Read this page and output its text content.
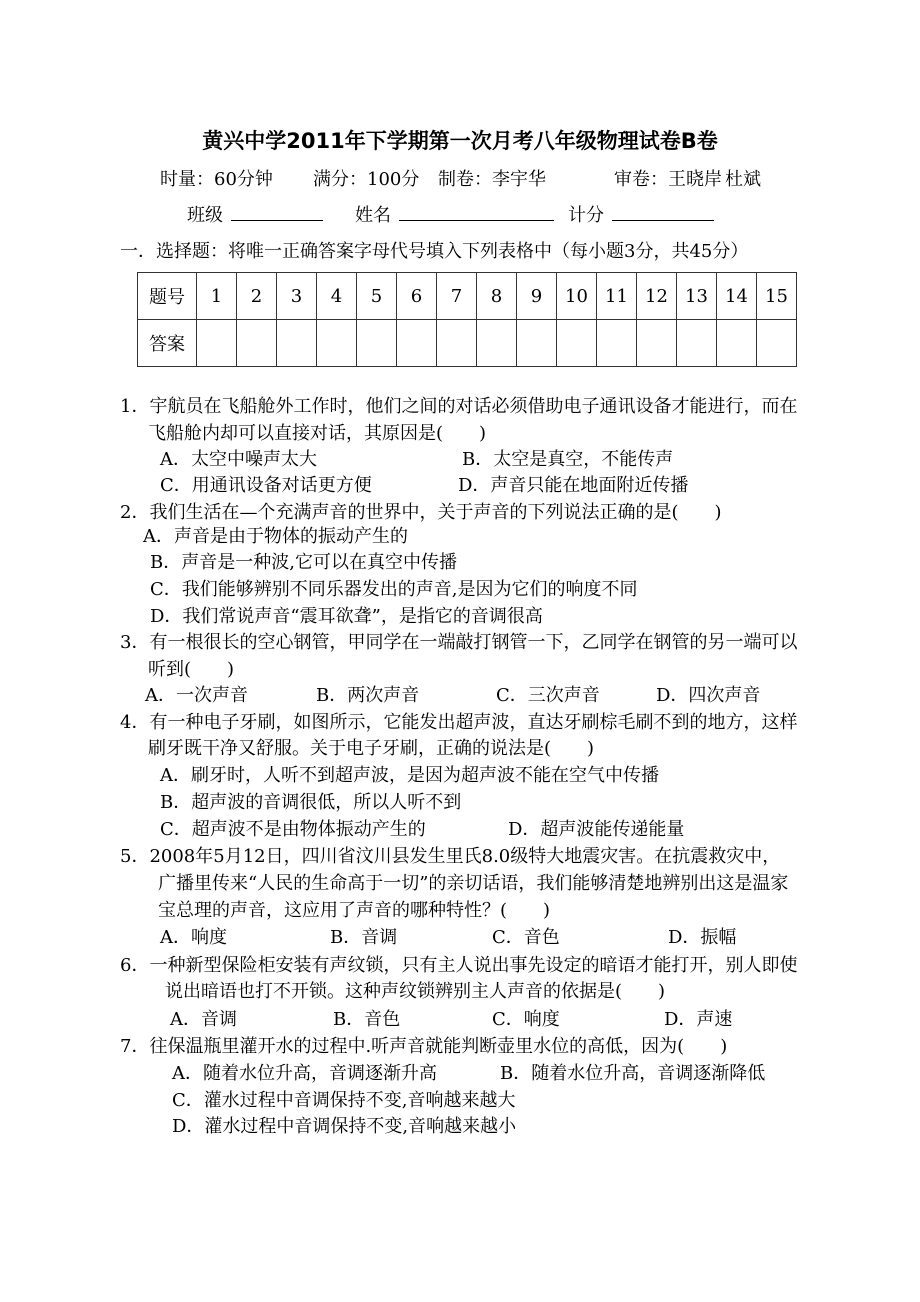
黄兴中学2011年下学期第一次月考八年级物理试卷B卷
时量：60分钟 满分：100分 制卷：李宇华	审卷：王晓岸 杜斌
班级	姓名	计分
一．选择题：将唯一正确答案字母代号填入下列表格中（每小题3分，共45分）
题号	1	2	3	4	5	6	7	8	9	10	11	12	13	14	15
答案															
1．宇航员在飞船舱外工作时，他们之间的对话必须借助电子通讯设备才能进行，而在
飞船舱内却可以直接对话，其原因是(　　)
A．太空中噪声太大	B．太空是真空，不能传声
C．用通讯设备对话更方便	D．声音只能在地面附近传播
2．我们生活在—个充满声音的世界中，关于声音的下列说法正确的是(　　)
A．声音是由于物体的振动产生的
B．声音是一种波,它可以在真空中传播
C．我们能够辨别不同乐器发出的声音,是因为它们的响度不同
D．我们常说声音“震耳欲聋”，是指它的音调很高
3．有一根很长的空心钢管，甲同学在一端敲打钢管一下，乙同学在钢管的另一端可以
听到(　　)
A．一次声音	B．两次声音	C．三次声音	D．四次声音
4．有一种电子牙刷，如图所示，它能发出超声波，直达牙刷棕毛刷不到的地方，这样
刷牙既干净又舒服。关于电子牙刷，正确的说法是(　　)
A．刷牙时，人听不到超声波，是因为超声波不能在空气中传播
B．超声波的音调很低，所以人听不到
C．超声波不是由物体振动产生的	D．超声波能传递能量
5．2008年5月12日，四川省汶川县发生里氏8.0级特大地震灾害。在抗震救灾中，
广播里传来“人民的生命高于一切”的亲切话语，我们能够清楚地辨别出这是温家
宝总理的声音，这应用了声音的哪种特性？(　　)
A．响度	B．音调	C．音色	D．振幅
6．一种新型保险柜安装有声纹锁，只有主人说出事先设定的暗语才能打开，别人即使
说出暗语也打不开锁。这种声纹锁辨别主人声音的依据是(　　)
A．音调	B．音色	C．响度	D．声速
7．往保温瓶里灌开水的过程中.听声音就能判断壶里水位的高低，因为(　　)
A．随着水位升高，音调逐渐升高	B．随着水位升高，音调逐渐降低
C．灌水过程中音调保持不变,音响越来越大
D．灌水过程中音调保持不变,音响越来越小
